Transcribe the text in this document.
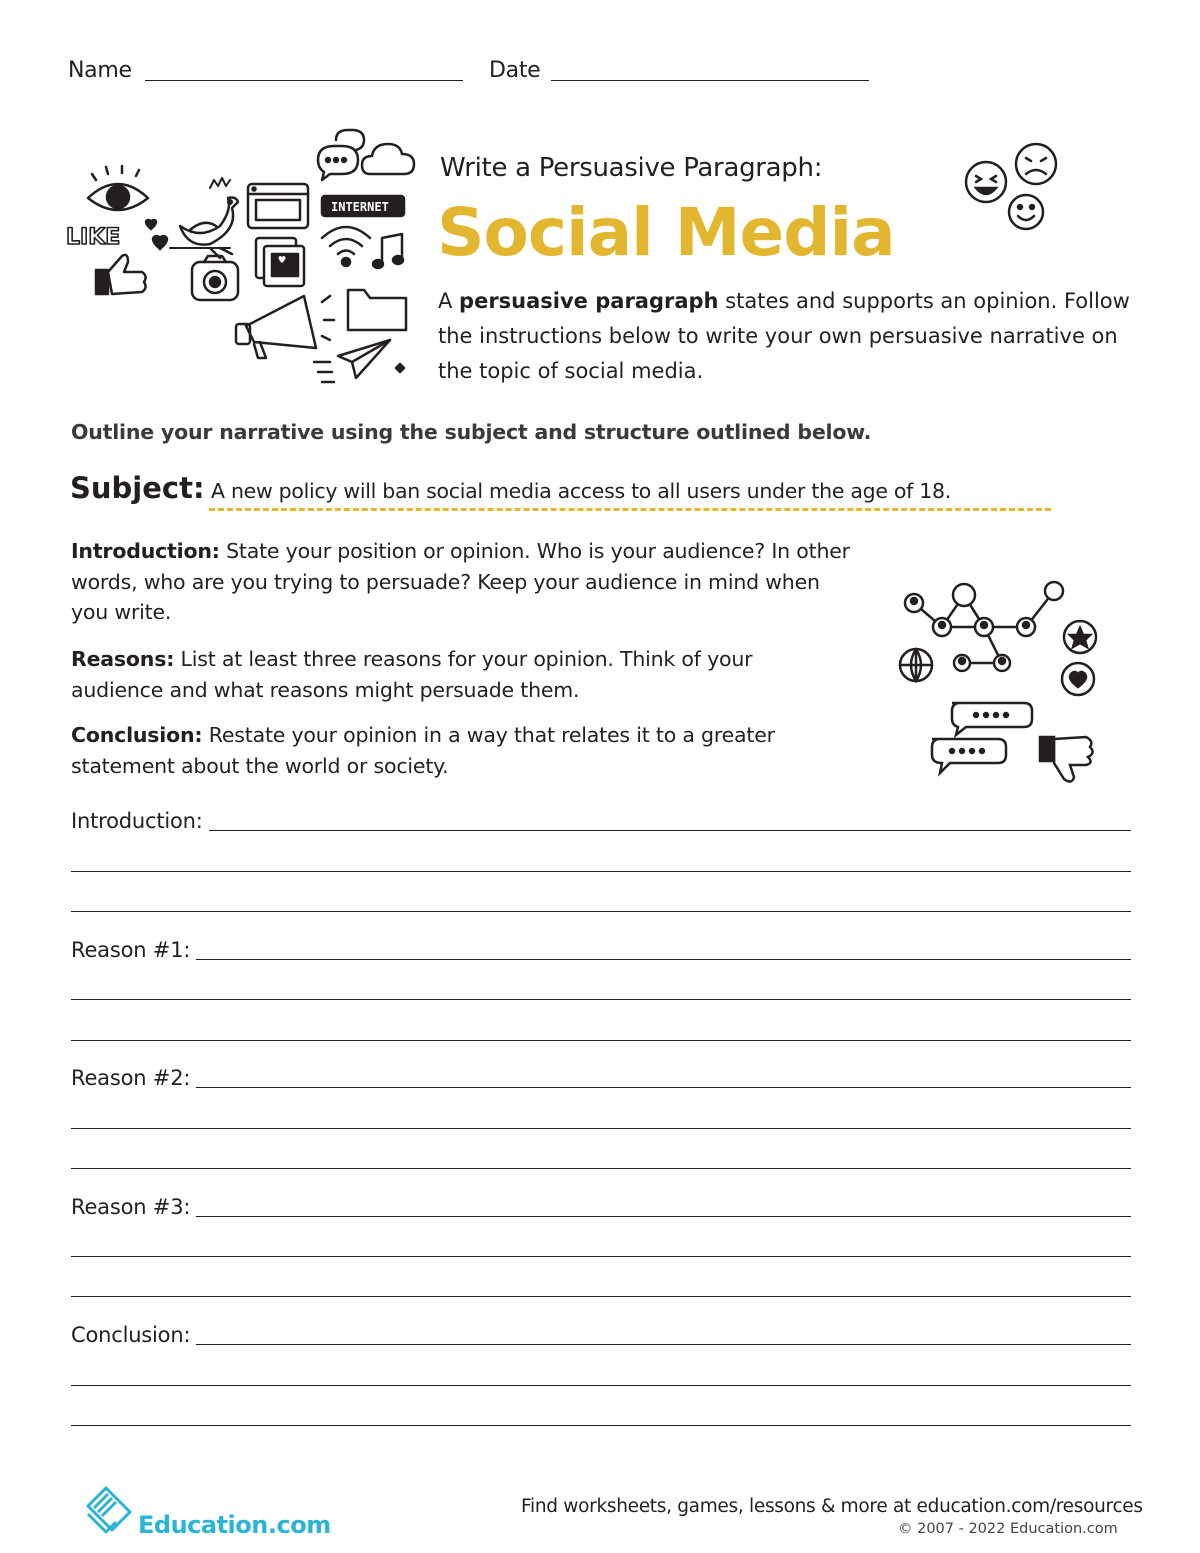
Name	Date
LIKE
INTERNET
Write a Persuasive Paragraph:
Social Media
A persuasive paragraph states and supports an opinion. Follow the instructions below to write your own persuasive narrative on the topic of social media.
Outline your narrative using the subject and structure outlined below.
Subject: A new policy will ban social media access to all users under the age of 18.
Introduction: State your position or opinion. Who is your audience? In other words, who are you trying to persuade? Keep your audience in mind when you write.
Reasons: List at least three reasons for your opinion. Think of your audience and what reasons might persuade them.
Conclusion: Restate your opinion in a way that relates it to a greater statement about the world or society.
Introduction:
Reason #1:
Reason #2:
Reason #3:
Conclusion:
Education.com
Find worksheets, games, lessons & more at education.com/resources
© 2007 - 2022 Education.com
